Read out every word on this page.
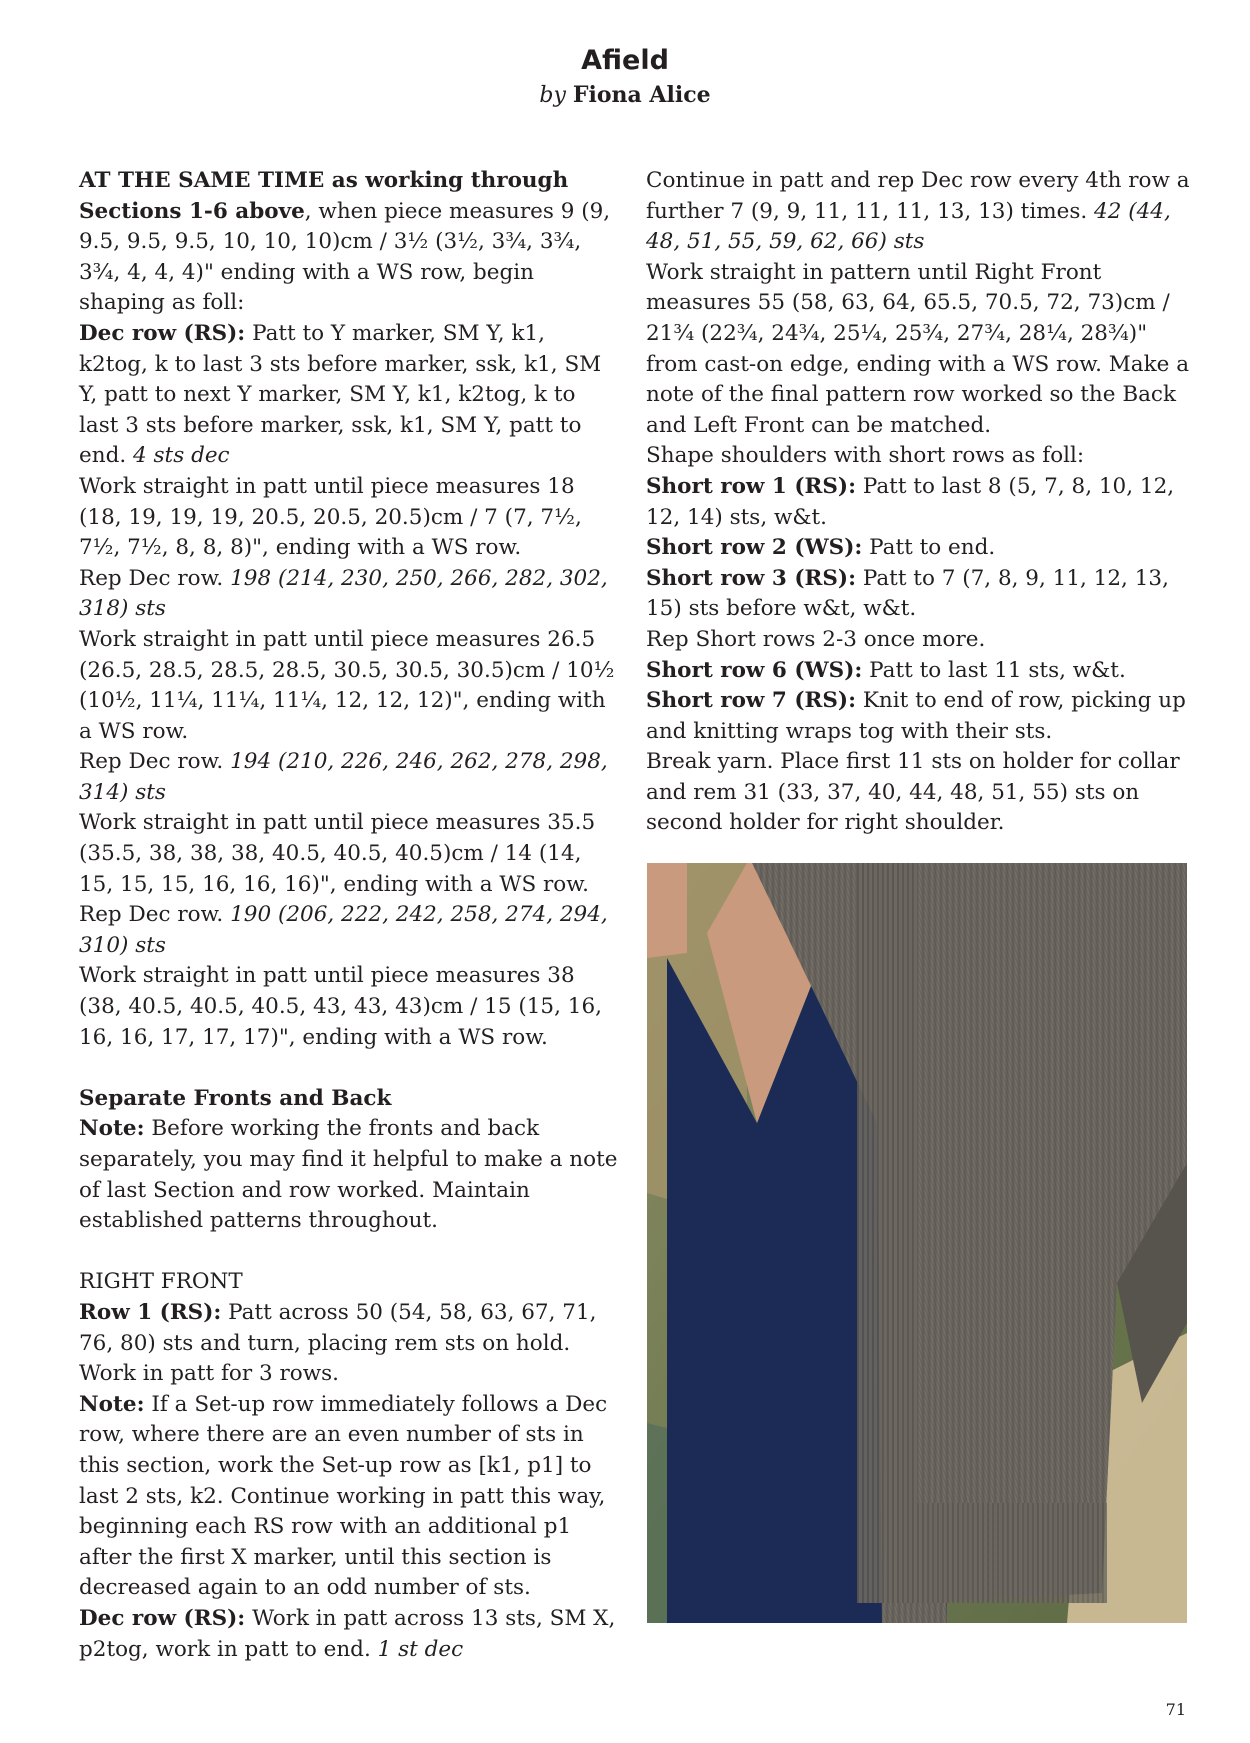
Afield
by Fiona Alice

AT THE SAME TIME as working through Sections 1-6 above, when piece measures 9 (9, 9.5, 9.5, 9.5, 10, 10, 10)cm / 3½ (3½, 3¾, 3¾, 3¾, 4, 4, 4)" ending with a WS row, begin shaping as foll:

Dec row (RS): Patt to Y marker, SM Y, k1, k2tog, k to last 3 sts before marker, ssk, k1, SM Y, patt to next Y marker, SM Y, k1, k2tog, k to last 3 sts before marker, ssk, k1, SM Y, patt to end. 4 sts dec

Work straight in patt until piece measures 18 (18, 19, 19, 19, 20.5, 20.5, 20.5)cm / 7 (7, 7½, 7½, 7½, 8, 8, 8)", ending with a WS row.

Rep Dec row. 198 (214, 230, 250, 266, 282, 302, 318) sts

Work straight in patt until piece measures 26.5 (26.5, 28.5, 28.5, 28.5, 30.5, 30.5, 30.5)cm / 10½ (10½, 11¼, 11¼, 11¼, 12, 12, 12)", ending with a WS row.

Rep Dec row. 194 (210, 226, 246, 262, 278, 298, 314) sts

Work straight in patt until piece measures 35.5 (35.5, 38, 38, 38, 40.5, 40.5, 40.5)cm / 14 (14, 15, 15, 15, 16, 16, 16)", ending with a WS row.

Rep Dec row. 190 (206, 222, 242, 258, 274, 294, 310) sts

Work straight in patt until piece measures 38 (38, 40.5, 40.5, 40.5, 43, 43, 43)cm / 15 (15, 16, 16, 16, 17, 17, 17)", ending with a WS row.

Separate Fronts and Back

Note: Before working the fronts and back separately, you may find it helpful to make a note of last Section and row worked. Maintain established patterns throughout.

RIGHT FRONT

Row 1 (RS): Patt across 50 (54, 58, 63, 67, 71, 76, 80) sts and turn, placing rem sts on hold.

Work in patt for 3 rows.

Note: If a Set-up row immediately follows a Dec row, where there are an even number of sts in this section, work the Set-up row as [k1, p1] to last 2 sts, k2. Continue working in patt this way, beginning each RS row with an additional p1 after the first X marker, until this section is decreased again to an odd number of sts.

Dec row (RS): Work in patt across 13 sts, SM X, p2tog, work in patt to end. 1 st dec

Continue in patt and rep Dec row every 4th row a further 7 (9, 9, 11, 11, 11, 13, 13) times. 42 (44, 48, 51, 55, 59, 62, 66) sts

Work straight in pattern until Right Front measures 55 (58, 63, 64, 65.5, 70.5, 72, 73)cm / 21¾ (22¾, 24¾, 25¼, 25¾, 27¾, 28¼, 28¾)" from cast-on edge, ending with a WS row. Make a note of the final pattern row worked so the Back and Left Front can be matched.

Shape shoulders with short rows as foll:

Short row 1 (RS): Patt to last 8 (5, 7, 8, 10, 12, 12, 14) sts, w&t.

Short row 2 (WS): Patt to end.

Short row 3 (RS): Patt to 7 (7, 8, 9, 11, 12, 13, 15) sts before w&t, w&t.

Rep Short rows 2-3 once more.

Short row 6 (WS): Patt to last 11 sts, w&t.

Short row 7 (RS): Knit to end of row, picking up and knitting wraps tog with their sts.

Break yarn. Place first 11 sts on holder for collar and rem 31 (33, 37, 40, 44, 48, 51, 55) sts on second holder for right shoulder.

71
